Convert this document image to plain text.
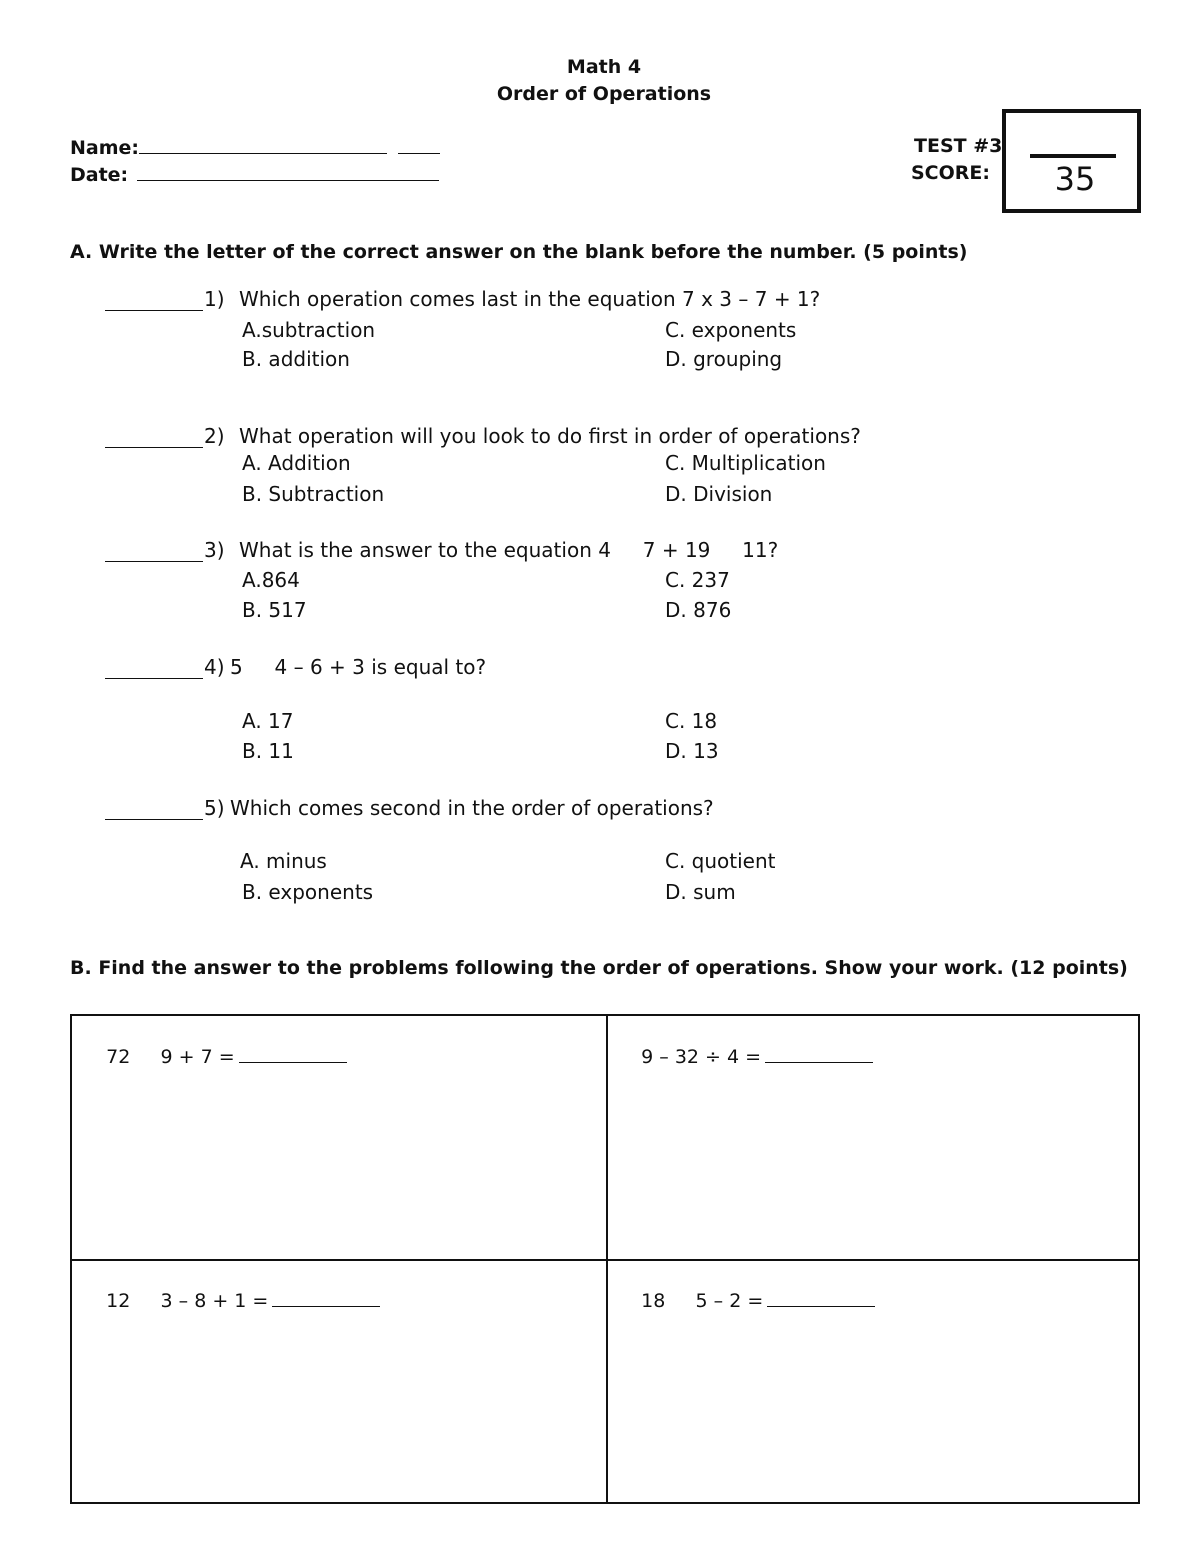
Math 4
Order of Operations
Name:
Date:
TEST #3
SCORE:	35
A. Write the letter of the correct answer on the blank before the number. (5 points)
1) Which operation comes last in the equation 7 x 3 – 7 + 1?
A.subtraction
B. addition
C. exponents
D. grouping
2) What operation will you look to do first in order of operations?
A. Addition
B. Subtraction
C. Multiplication
D. Division
3) What is the answer to the equation 4     7 + 19     11?
A.864
B. 517
C. 237
D. 876
4) 5     4 – 6 + 3 is equal to?
A. 17
B. 11
C. 18
D. 13
5) Which comes second in the order of operations?
A. minus
B. exponents
C. quotient
D. sum
B. Find the answer to the problems following the order of operations. Show your work. (12 points)

72     9 + 7 =
	9 – 32 ÷ 4 =

12     3 – 8 + 1 =
	18     5 – 2 =
